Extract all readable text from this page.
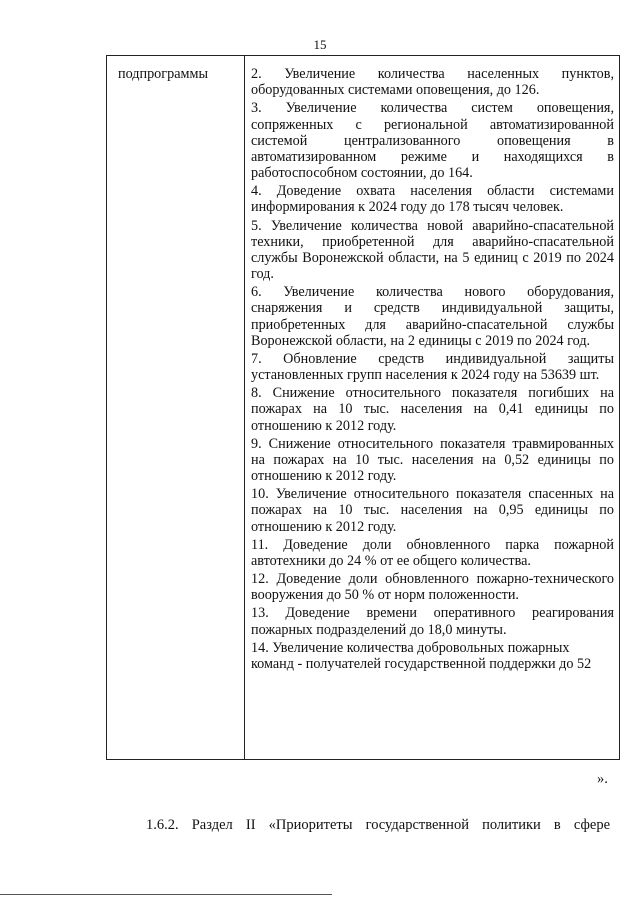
15
подпрограммы	2. Увеличение количества населенных пунктов, оборудованных системами оповещения, до 126.

3. Увеличение количества систем оповещения, сопряженных с региональной автоматизированной системой централизованного оповещения в автоматизированном режиме и находящихся в работоспособном состоянии, до 164.

4. Доведение охвата населения области системами информирования к 2024 году до 178 тысяч человек.

5. Увеличение количества новой аварийно-спасательной техники, приобретенной для аварийно-спасательной службы Воронежской области, на 5 единиц с 2019 по 2024 год.

6. Увеличение количества нового оборудования, снаряжения и средств индивидуальной защиты, приобретенных для аварийно-спасательной службы Воронежской области, на 2 единицы с 2019 по 2024 год.

7. Обновление средств индивидуальной защиты установленных групп населения к 2024 году на 53639 шт.

8. Снижение относительного показателя погибших на пожарах на 10 тыс. населения на 0,41 единицы по отношению к 2012 году.

9. Снижение относительного показателя травмированных на пожарах на 10 тыс. населения на 0,52 единицы по отношению к 2012 году.

10. Увеличение относительного показателя спасенных на пожарах на 10 тыс. населения на 0,95 единицы по отношению к 2012 году.

11. Доведение доли обновленного парка пожарной автотехники до 24 % от ее общего количества.

12. Доведение доли обновленного пожарно-технического вооружения до 50 % от норм положенности.

13. Доведение времени оперативного реагирования пожарных подразделений до 18,0 минуты.

14. Увеличение количества добровольных пожарных команд - получателей государственной поддержки до 52

».
1.6.2. Раздел II «Приоритеты государственной политики в сфере
